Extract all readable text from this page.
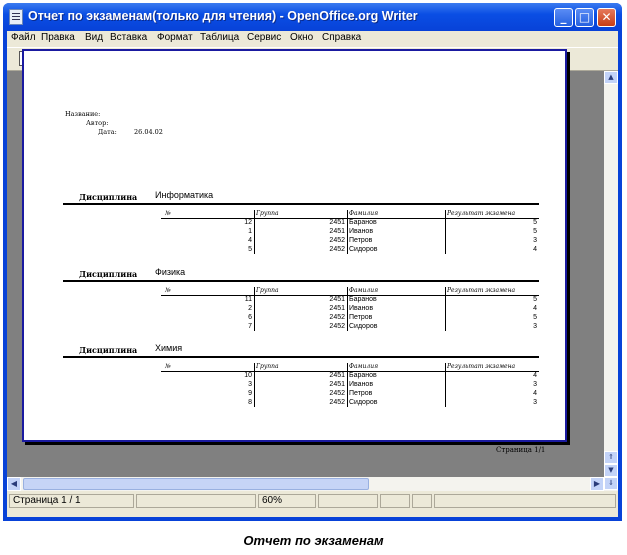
Отчет по экзаменам(только для чтения) - OpenOffice.org Writer	_	□ ✕
Файл Правка Вид Вставка Формат Таблица Сервис Окно Справка
▲
⇑
▼
⇓
◀	▶
Страница 1 / 1	60%
Название:
Автор:
Дата:	26.04.02
Дисциплина Информатика
№	Группа	Фамилия	Результат экзамена
12	2451 Баранов	5
1	2451 Иванов	5
4	2452 Петров	3
5	2452 Сидоров	4
Дисциплина Физика
№	Группа	Фамилия	Результат экзамена
11	2451 Баранов	5
2	2451 Иванов	4
6	2452 Петров	5
7	2452 Сидоров	3
Дисциплина Химия
№	Группа	Фамилия	Результат экзамена
10	2451 Баранов	4
3	2451 Иванов	3
9	2452 Петров	4
8	2452 Сидоров	3
Страница 1/1
Отчет по экзаменам
